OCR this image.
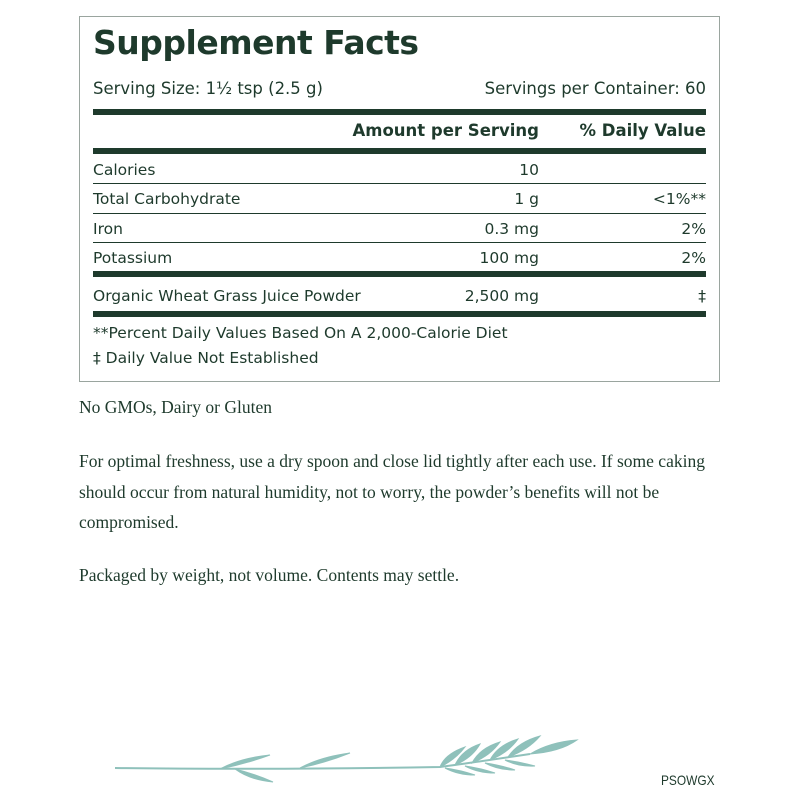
Supplement Facts
Serving Size: 1½ tsp (2.5 g)	Servings per Container: 60
Amount per Serving % Daily Value
Calories	10
Total Carbohydrate	1 g	<1%**
Iron	0.3 mg	2%
Potassium	100 mg	2%
Organic Wheat Grass Juice Powder	2,500 mg	‡
**Percent Daily Values Based On A 2,000-Calorie Diet
‡ Daily Value Not Established
No GMOs, Dairy or Gluten
For optimal freshness, use a dry spoon and close lid tightly after each use. If some caking should occur from natural humidity, not to worry, the powder’s benefits will not be compromised.
Packaged by weight, not volume. Contents may settle.
PSOWGX
